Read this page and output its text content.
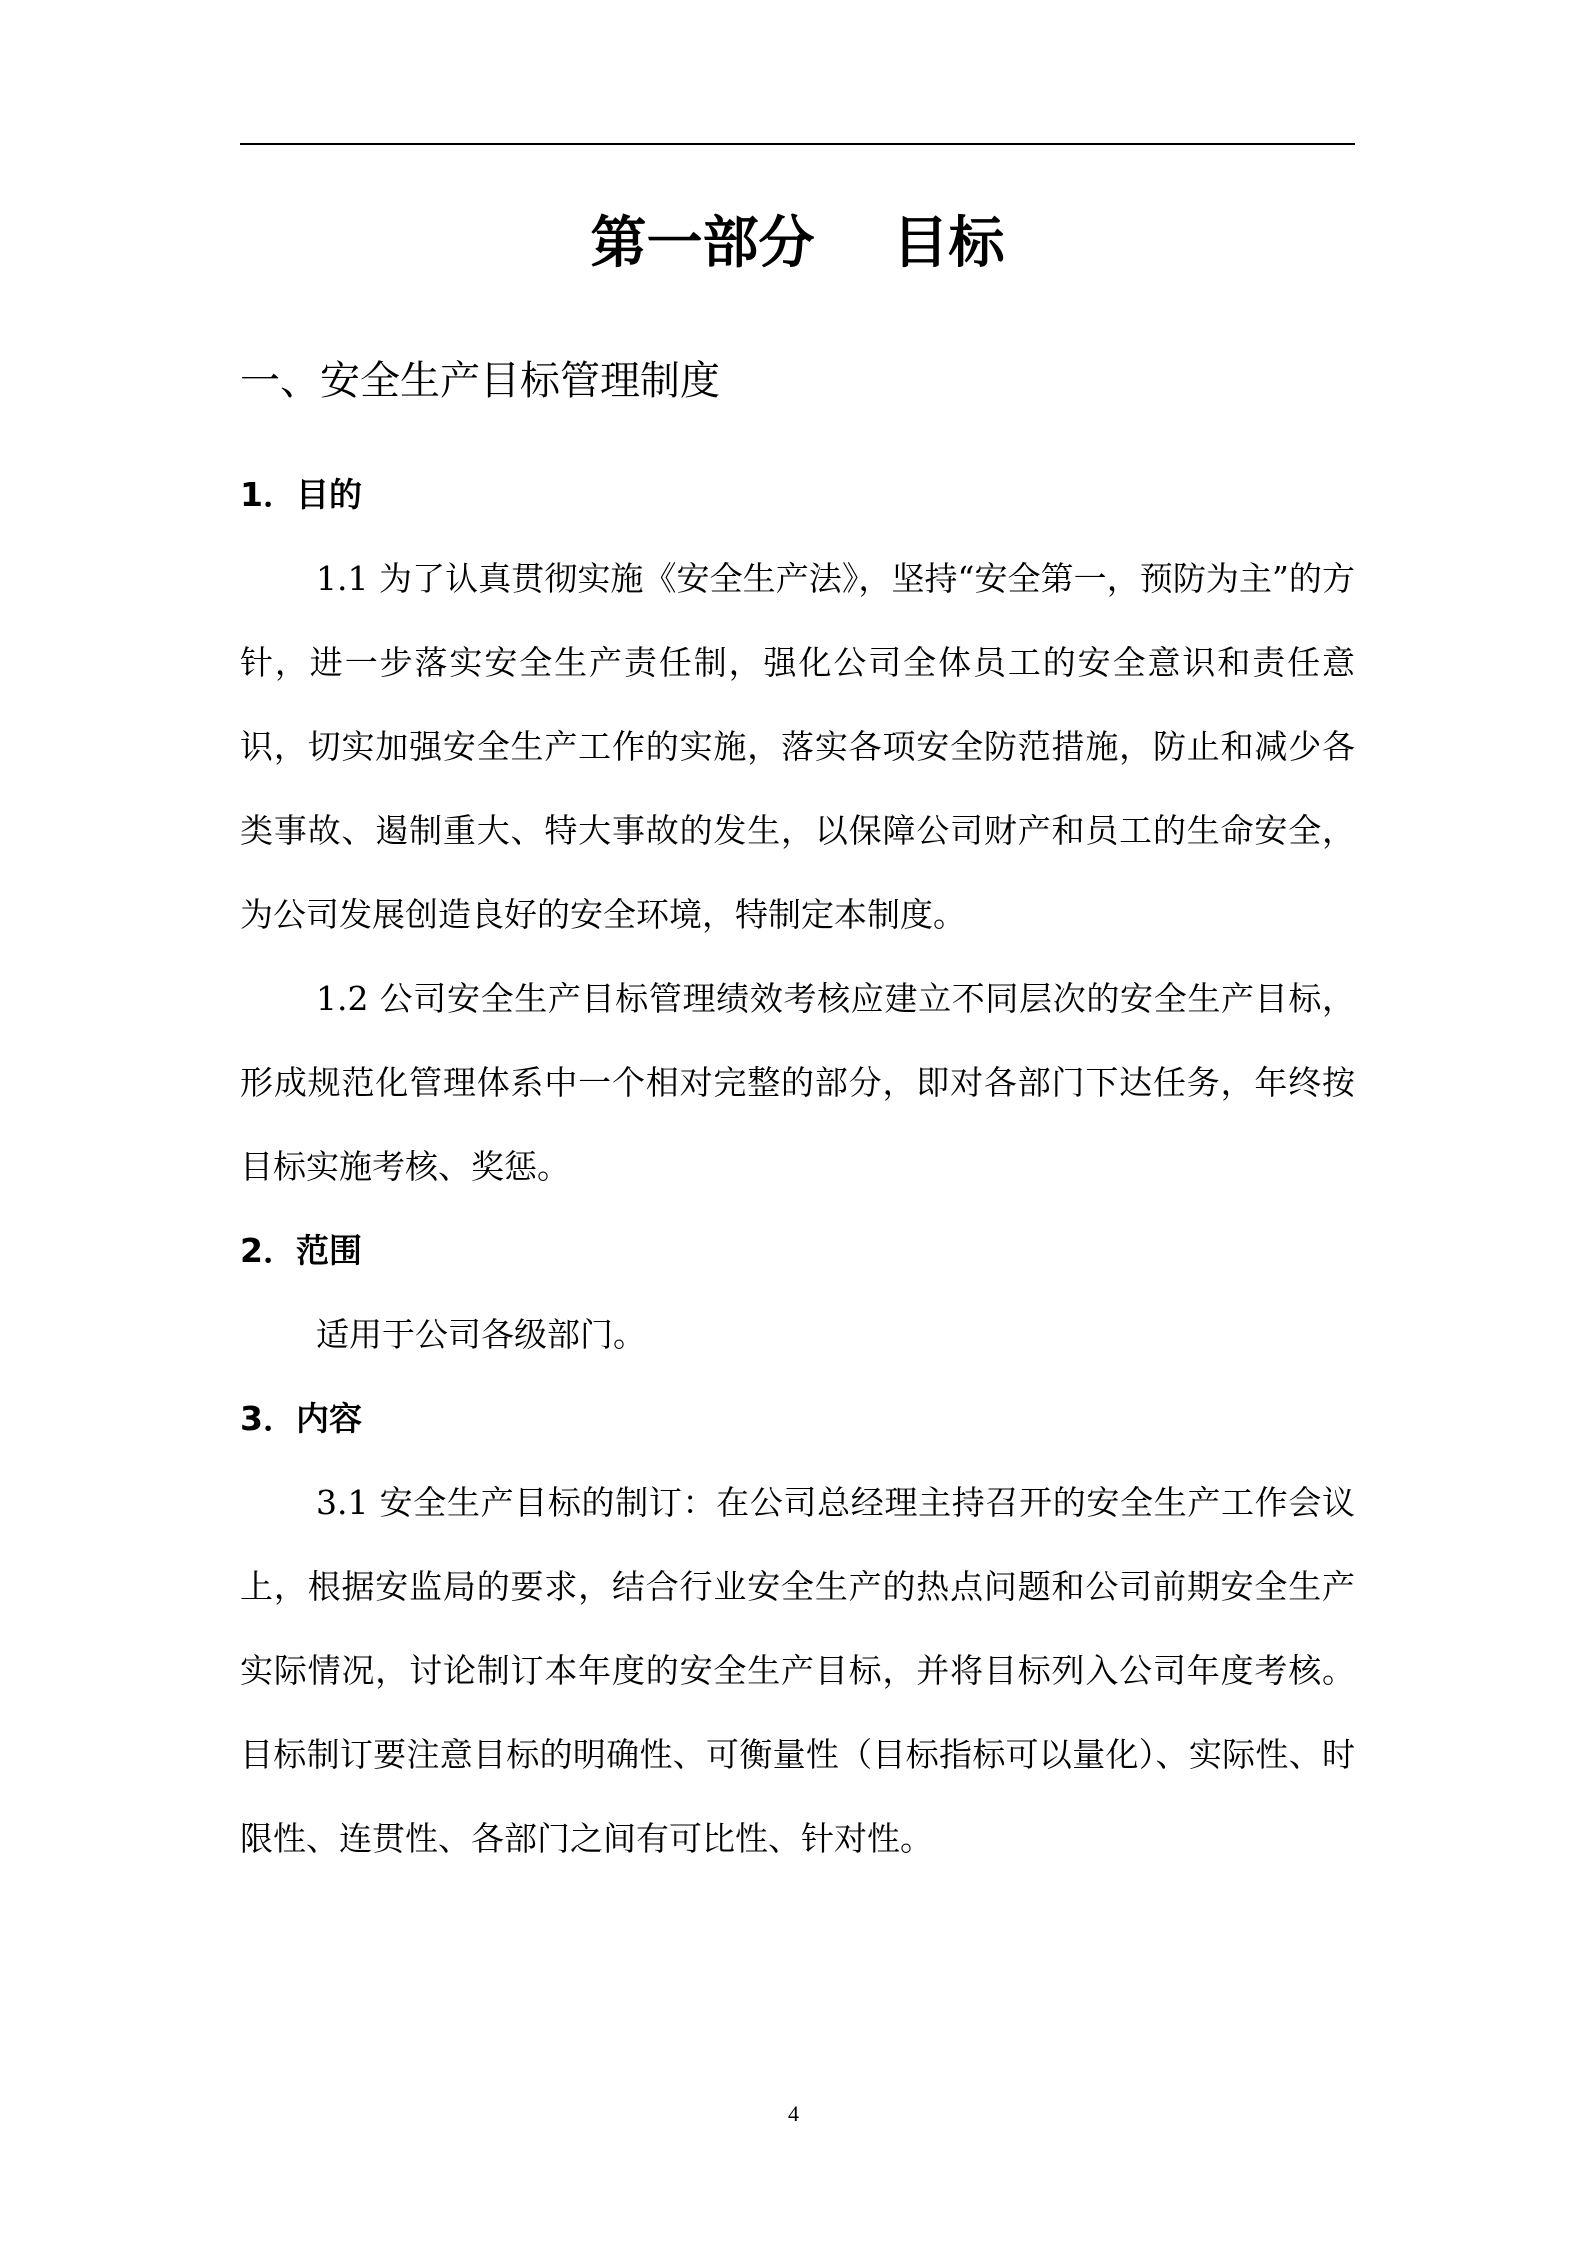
第一部分    目标
一、安全生产目标管理制度
1．目的

1.1 为了认真贯彻实施《安全生产法》，坚持“安全第一，预防为主”的方针，进一步落实安全生产责任制，强化公司全体员工的安全意识和责任意识，切实加强安全生产工作的实施，落实各项安全防范措施，防止和减少各类事故、遏制重大、特大事故的发生，以保障公司财产和员工的生命安全，为公司发展创造良好的安全环境，特制定本制度。

1.2 公司安全生产目标管理绩效考核应建立不同层次的安全生产目标，形成规范化管理体系中一个相对完整的部分，即对各部门下达任务，年终按目标实施考核、奖惩。

2．范围

适用于公司各级部门。

3．内容

3.1 安全生产目标的制订：在公司总经理主持召开的安全生产工作会议上，根据安监局的要求，结合行业安全生产的热点问题和公司前期安全生产实际情况，讨论制订本年度的安全生产目标，并将目标列入公司年度考核。目标制订要注意目标的明确性、可衡量性（目标指标可以量化）、实际性、时限性、连贯性、各部门之间有可比性、针对性。

4
